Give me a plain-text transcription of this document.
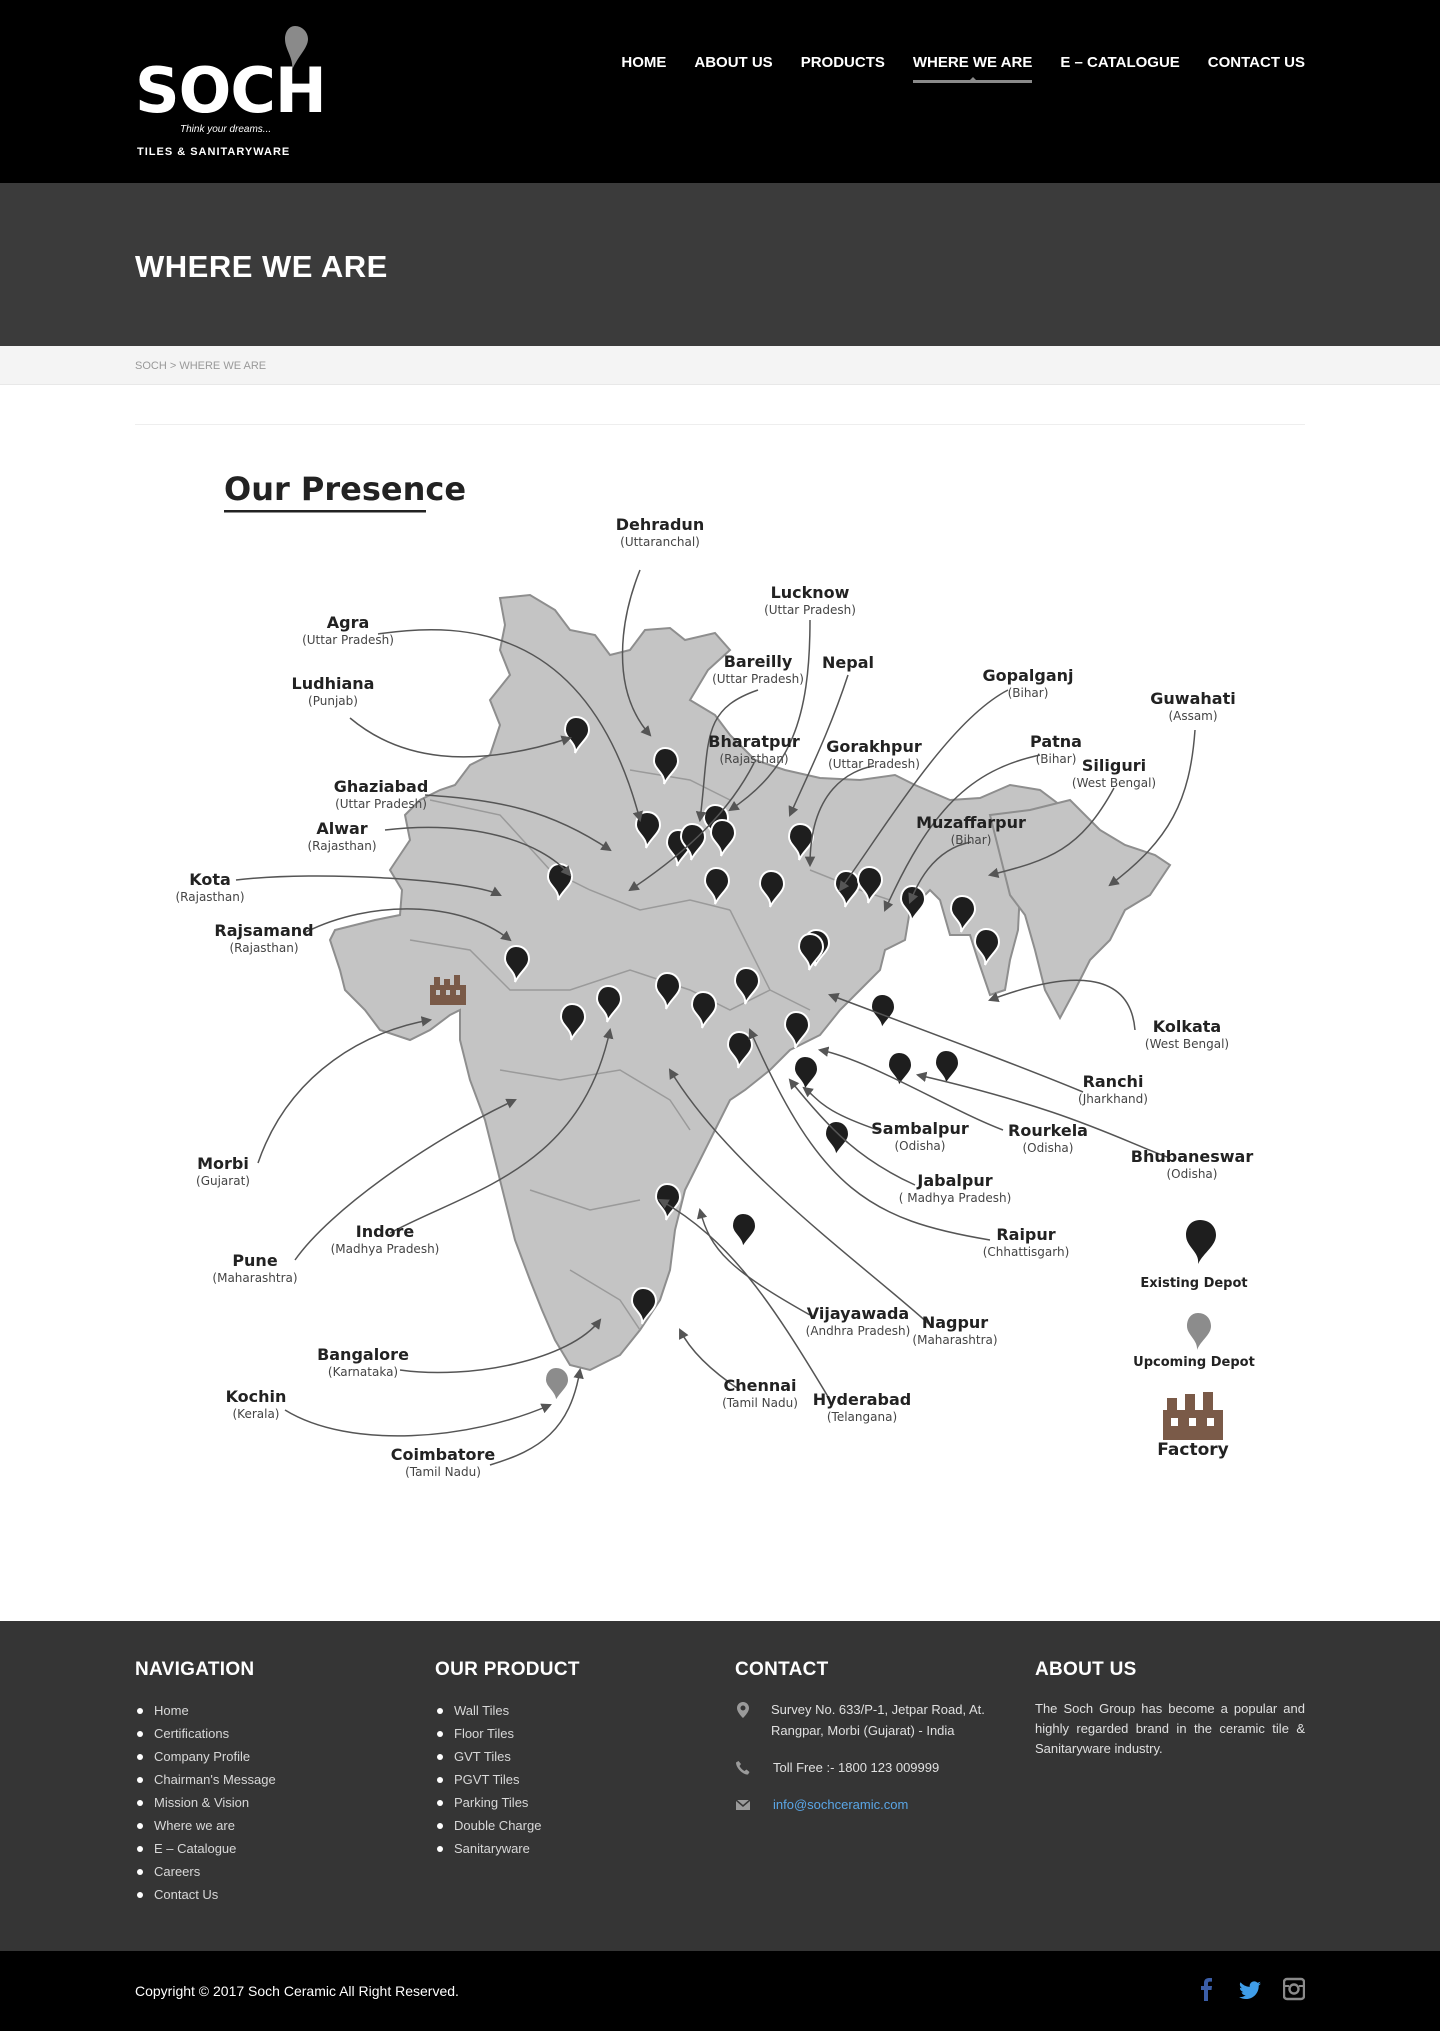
SOCH
Think your dreams...
TILES & SANITARYWARE
HOME ABOUT US PRODUCTS WHERE WE ARE E – CATALOGUE CONTACT US
WHERE WE ARE
SOCH > WHERE WE ARE
Our Presence
Dehradun
(Uttaranchal)
Lucknow
(Uttar Pradesh)
Agra
(Uttar Pradesh)
Bareilly
(Uttar Pradesh)
Nepal
Gopalganj
(Bihar)	Guwahati
(Assam)
Ludhiana
(Punjab)
Bharatpur
(Rajasthan)
Gorakhpur
(Uttar Pradesh)
Patna
(Bihar) Siliguri
(West Bengal)
Ghaziabad
(Uttar Pradesh)
Alwar
(Rajasthan)
Muzaffarpur
(Bihar)
Kota
(Rajasthan)
Rajsamand
(Rajasthan)
Kolkata
(West Bengal)
Ranchi
(Jharkhand)
Morbi
(Gujarat)
Sambalpur
(Odisha)
Rourkela
(Odisha)	Bhubaneswar
(Odisha)
Jabalpur
( Madhya Pradesh)
Indore
(Madhya Pradesh)
Raipur
(Chhattisgarh)
Pune
(Maharashtra)
Vijayawada
(Andhra Pradesh) Nagpur
(Maharashtra)
Bangalore
(Karnataka)
Chennai
(Tamil Nadu)
Kochin
(Kerala)
Hyderabad
(Telangana)
Coimbatore
(Tamil Nadu)
Existing Depot
Upcoming Depot
Factory
NAVIGATION
Home
Certifications
Company Profile
Chairman's Message
Mission & Vision
Where we are
E – Catalogue
Careers
Contact Us
OUR PRODUCT
Wall Tiles
Floor Tiles
GVT Tiles
PGVT Tiles
Parking Tiles
Double Charge
Sanitaryware
CONTACT
Survey No. 633/P-1, Jetpar Road, At. Rangpar, Morbi (Gujarat) - India
Toll Free :- 1800 123 009999
info@sochceramic.com
ABOUT US

The Soch Group has become a popular and highly regarded brand in the ceramic tile & Sanitaryware industry.

Copyright © 2017 Soch Ceramic All Right Reserved.
